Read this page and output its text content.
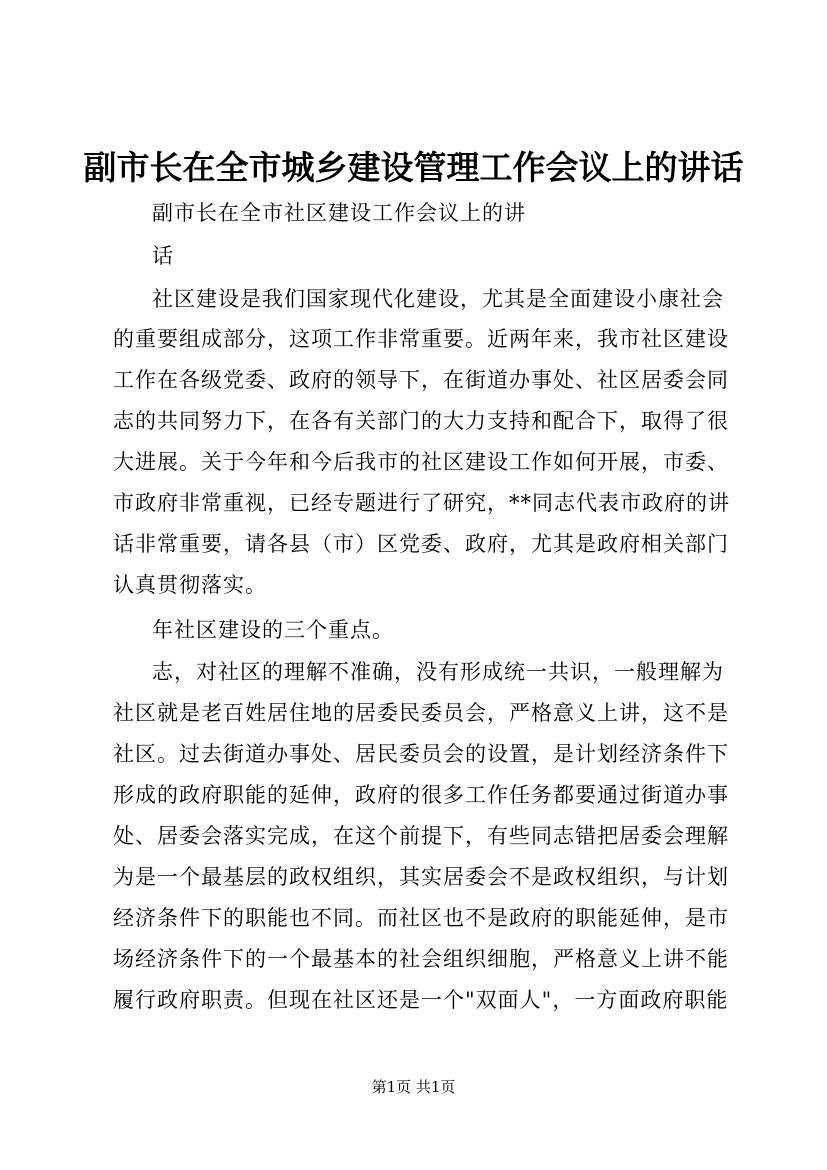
副市长在全市城乡建设管理工作会议上的讲话
副市长在全市社区建设工作会议上的讲
话
社区建设是我们国家现代化建设，尤其是全面建设小康社会
的重要组成部分，这项工作非常重要。近两年来，我市社区建设
工作在各级党委、政府的领导下，在街道办事处、社区居委会同
志的共同努力下，在各有关部门的大力支持和配合下，取得了很
大进展。关于今年和今后我市的社区建设工作如何开展，市委、
市政府非常重视，已经专题进行了研究，**同志代表市政府的讲
话非常重要，请各县（市）区党委、政府，尤其是政府相关部门
认真贯彻落实。
年社区建设的三个重点。
志，对社区的理解不准确，没有形成统一共识，一般理解为
社区就是老百姓居住地的居委民委员会，严格意义上讲，这不是
社区。过去街道办事处、居民委员会的设置，是计划经济条件下
形成的政府职能的延伸，政府的很多工作任务都要通过街道办事
处、居委会落实完成，在这个前提下，有些同志错把居委会理解
为是一个最基层的政权组织，其实居委会不是政权组织，与计划
经济条件下的职能也不同。而社区也不是政府的职能延伸，是市
场经济条件下的一个最基本的社会组织细胞，严格意义上讲不能
履行政府职责。但现在社区还是一个"双面人"，一方面政府职能
第1页 共1页
